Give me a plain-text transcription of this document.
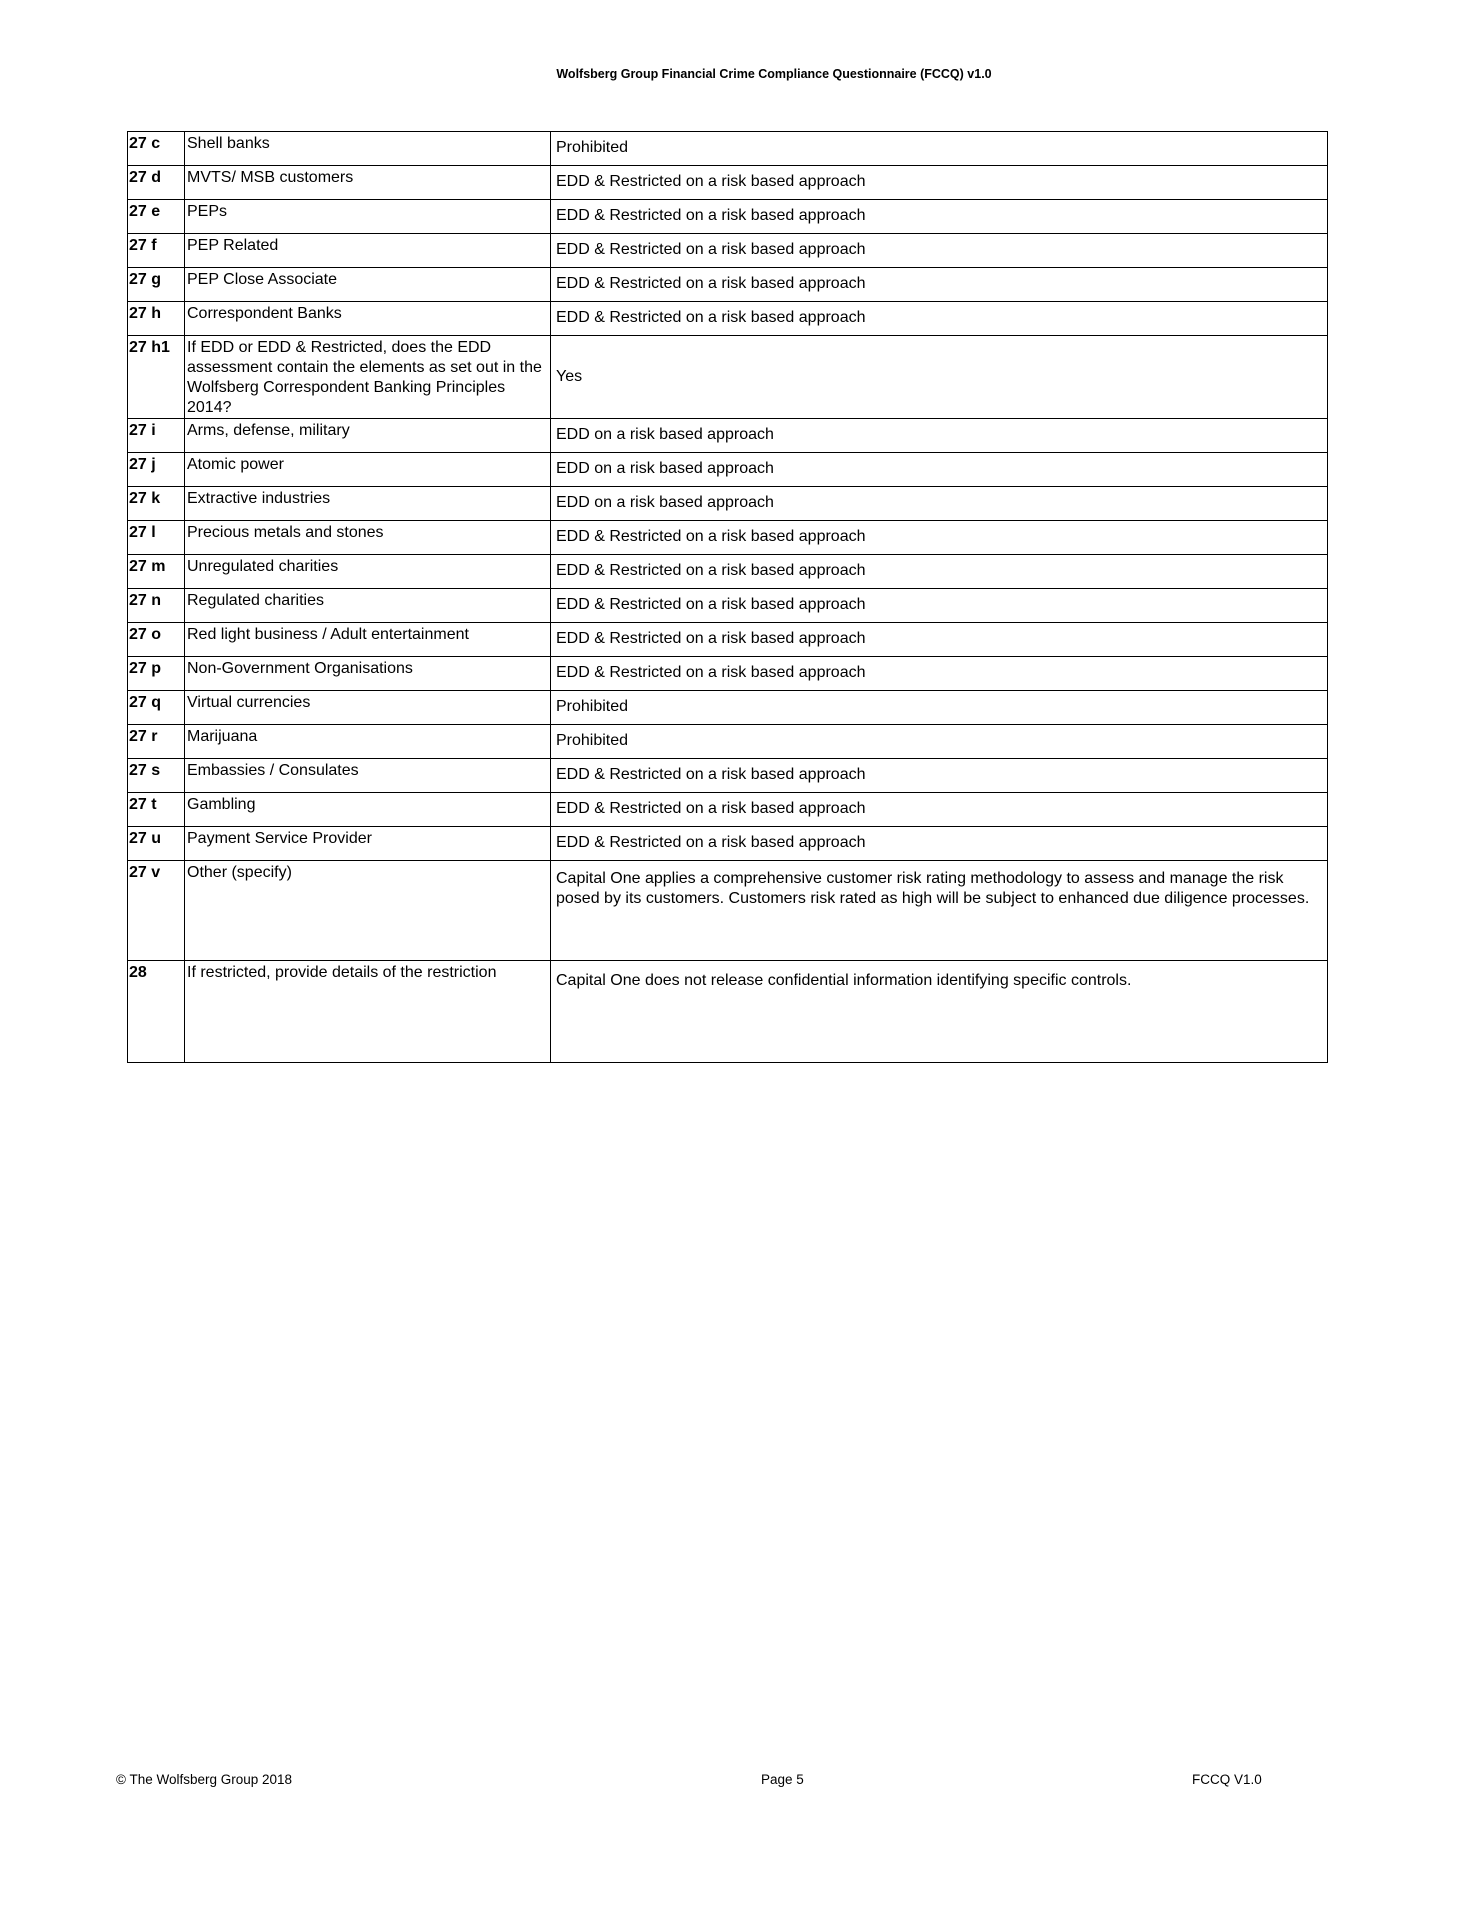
Wolfsberg Group Financial Crime Compliance Questionnaire (FCCQ) v1.0
27 c	Shell banks	Prohibited
27 d	MVTS/ MSB customers	EDD & Restricted on a risk based approach
27 e	PEPs	EDD & Restricted on a risk based approach
27 f	PEP Related	EDD & Restricted on a risk based approach
27 g	PEP Close Associate	EDD & Restricted on a risk based approach
27 h	Correspondent Banks	EDD & Restricted on a risk based approach
27 h1	If EDD or EDD & Restricted, does the EDD assessment contain the elements as set out in the Wolfsberg Correspondent Banking Principles 2014?	Yes
27 i	Arms, defense, military	EDD on a risk based approach
27 j	Atomic power	EDD on a risk based approach
27 k	Extractive industries	EDD on a risk based approach
27 l	Precious metals and stones	EDD & Restricted on a risk based approach
27 m	Unregulated charities	EDD & Restricted on a risk based approach
27 n	Regulated charities	EDD & Restricted on a risk based approach
27 o	Red light business / Adult entertainment	EDD & Restricted on a risk based approach
27 p	Non-Government Organisations	EDD & Restricted on a risk based approach
27 q	Virtual currencies	Prohibited
27 r	Marijuana	Prohibited
27 s	Embassies / Consulates	EDD & Restricted on a risk based approach
27 t	Gambling	EDD & Restricted on a risk based approach
27 u	Payment Service Provider	EDD & Restricted on a risk based approach
27 v	Other (specify)	Capital One applies a comprehensive customer risk rating methodology to assess and manage the risk posed by its customers. Customers risk rated as high will be subject to enhanced due diligence processes.
28	If restricted, provide details of the restriction	Capital One does not release confidential information identifying specific controls.
© The Wolfsberg Group 2018	Page 5	FCCQ V1.0
